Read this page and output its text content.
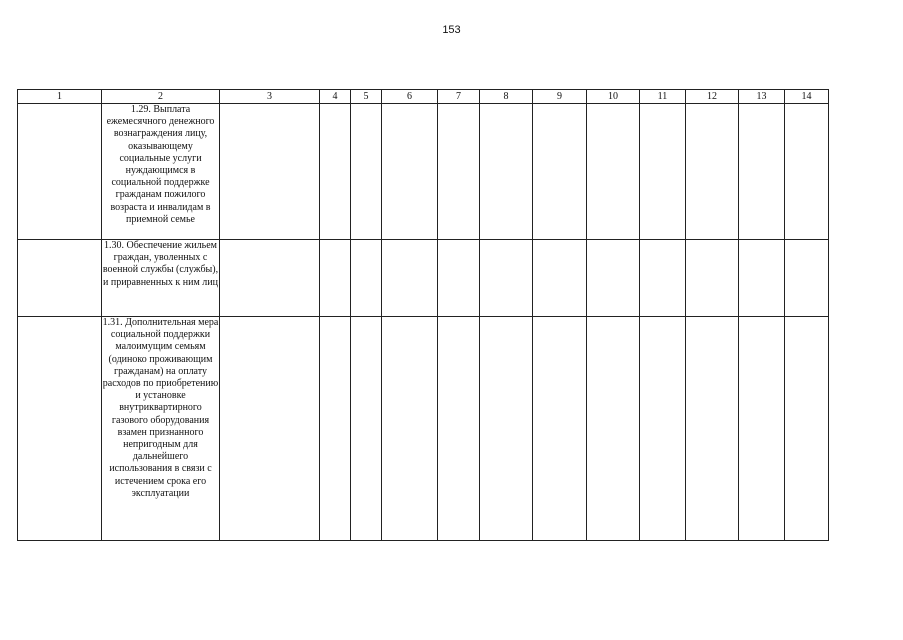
153
1	2	3	4	5	6	7	8	9	10	11	12	13	14
	1.29. Выплата ежемесячного денежного вознаграждения лицу, оказывающему социальные услуги нуждающимся в социальной поддержке гражданам пожилого возраста и инвалидам в приемной семье												
	1.30. Обеспечение жильем граждан, уволенных с военной службы (службы), и приравненных к ним лиц												
	1.31. Дополнительная мера социальной поддержки малоимущим семьям (одиноко проживающим гражданам) на оплату расходов по приобретению и установке внутриквартирного газового оборудования взамен признанного непригодным для дальнейшего использования в связи с истечением срока его эксплуатации												
